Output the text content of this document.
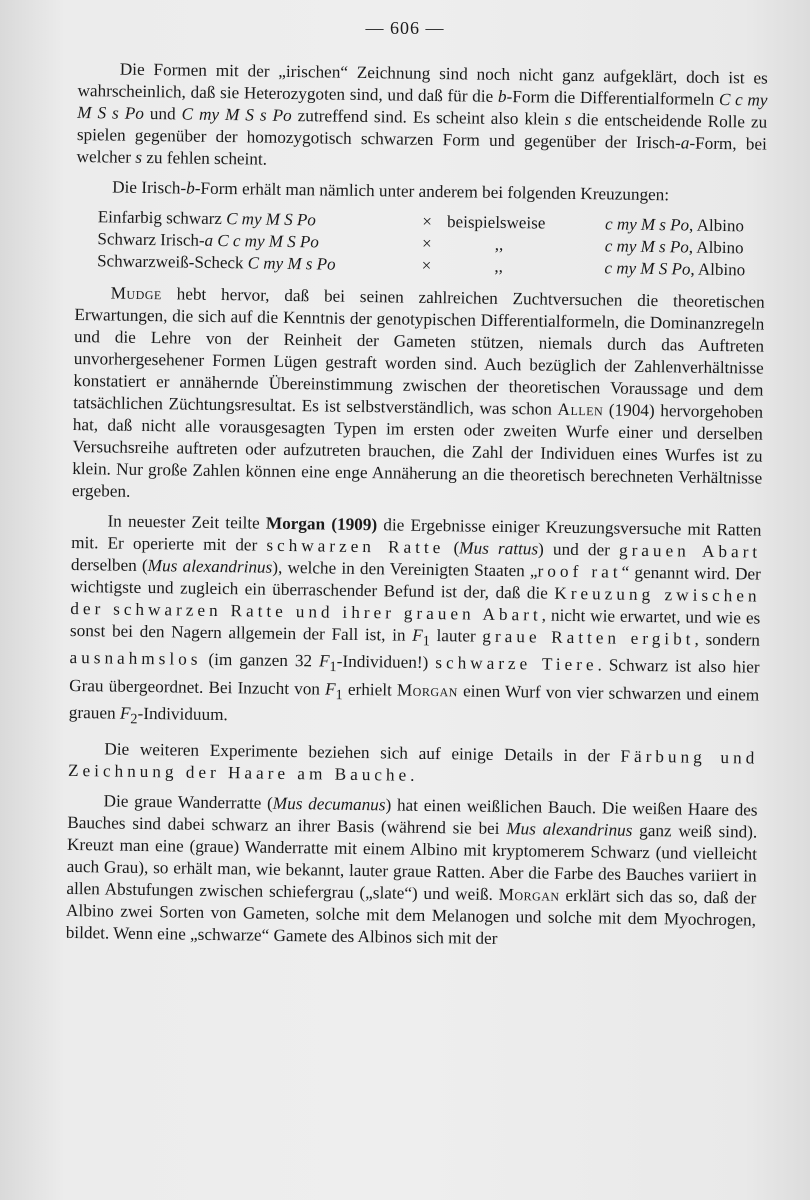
— 606 —

Die Formen mit der „irischen“ Zeichnung sind noch nicht ganz aufgeklärt, doch ist es wahrscheinlich, daß sie Heterozygoten sind, und daß für die b-Form die Differentialformeln C c my M S s Po und C my M S s Po zutreffend sind. Es scheint also klein s die entscheidende Rolle zu spielen gegenüber der homozygotisch schwarzen Form und gegenüber der Irisch-a-Form, bei welcher s zu fehlen scheint.

Die Irisch-b-Form erhält man nämlich unter anderem bei folgenden Kreuzungen:

Einfarbig schwarz C my M S Po	×	beispielsweise	c my M s Po, Albino
Schwarz Irisch-a C c my M S Po	×	,,	c my M s Po, Albino
Schwarzweiß-Scheck C my M s Po	×	,,	c my M S Po, Albino

Mudge hebt hervor, daß bei seinen zahlreichen Zuchtversuchen die theoretischen Erwartungen, die sich auf die Kenntnis der genotypischen Differentialformeln, die Dominanzregeln und die Lehre von der Reinheit der Gameten stützen, niemals durch das Auftreten unvorhergesehener Formen Lügen gestraft worden sind. Auch bezüglich der Zahlenverhältnisse konstatiert er annähernde Übereinstimmung zwischen der theoretischen Voraussage und dem tatsächlichen Züchtungsresultat. Es ist selbstverständlich, was schon Allen (1904) hervorgehoben hat, daß nicht alle vorausgesagten Typen im ersten oder zweiten Wurfe einer und derselben Versuchsreihe auftreten oder aufzutreten brauchen, die Zahl der Individuen eines Wurfes ist zu klein. Nur große Zahlen können eine enge Annäherung an die theoretisch berechneten Verhältnisse ergeben.

In neuester Zeit teilte Morgan (1909) die Ergebnisse einiger Kreuzungsversuche mit Ratten mit. Er operierte mit der schwarzen Ratte (Mus rattus) und der grauen Abart derselben (Mus alexandrinus), welche in den Vereinigten Staaten „roof rat“ genannt wird. Der wichtigste und zugleich ein überraschender Befund ist der, daß die Kreuzung zwischen der schwarzen Ratte und ihrer grauen Abart, nicht wie erwartet, und wie es sonst bei den Nagern allgemein der Fall ist, in $F_1$ lauter graue Ratten ergibt, sondern ausnahmslos (im ganzen 32 $F_1-Individuen$!) schwarze Tiere. Schwarz ist also hier Grau übergeordnet. Bei Inzucht von $F_1$ erhielt Morgan einen Wurf von vier schwarzen und einem grauen $F_2$-Individuum.

Die weiteren Experimente beziehen sich auf einige Details in der Färbung und Zeichnung der Haare am Bauche.

Die graue Wanderratte (Mus decumanus) hat einen weißlichen Bauch. Die weißen Haare des Bauches sind dabei schwarz an ihrer Basis (während sie bei Mus alexandrinus ganz weiß sind). Kreuzt man eine (graue) Wanderratte mit einem Albino mit kryptomerem Schwarz (und vielleicht auch Grau), so erhält man, wie bekannt, lauter graue Ratten. Aber die Farbe des Bauches variiert in allen Abstufungen zwischen schiefergrau („slate“) und weiß. Morgan erklärt sich das so, daß der Albino zwei Sorten von Gameten, solche mit dem Melanogen und solche mit dem Myochrogen, bildet. Wenn eine „schwarze“ Gamete des Albinos sich mit der
